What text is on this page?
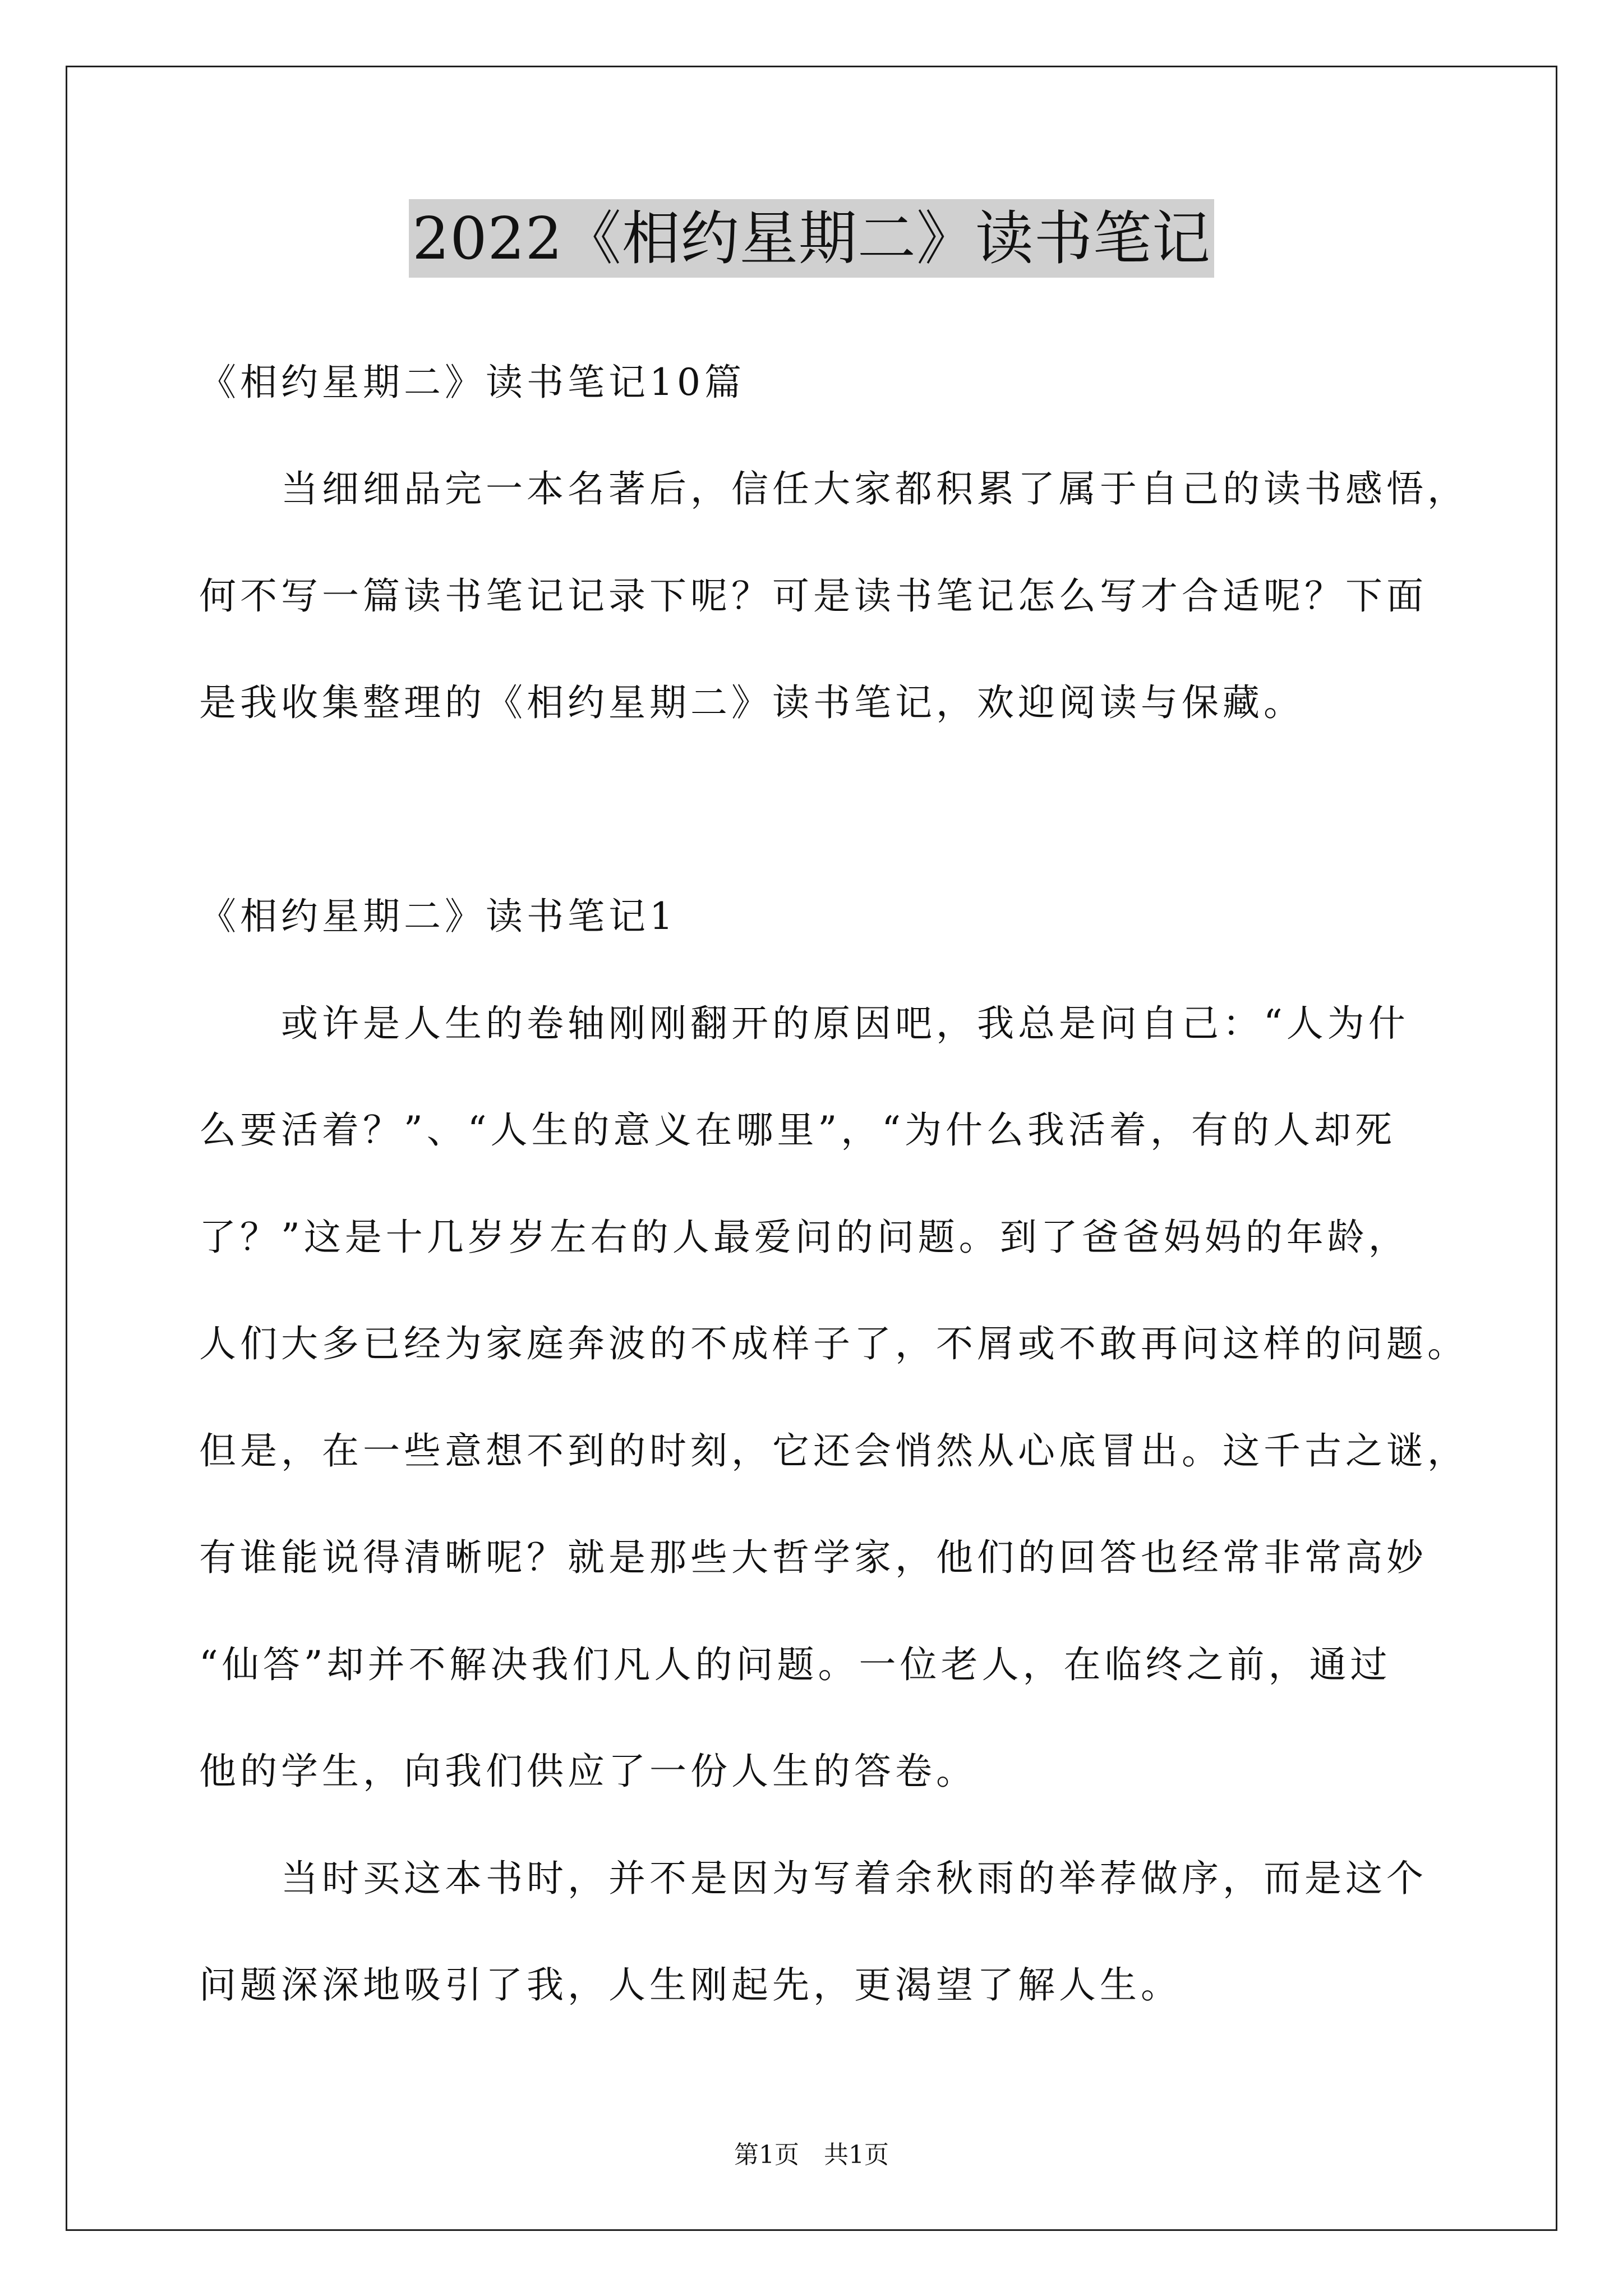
2022《相约星期二》读书笔记
《相约星期二》读书笔记10篇
　　当细细品完一本名著后，信任大家都积累了属于自己的读书感悟，
何不写一篇读书笔记记录下呢？可是读书笔记怎么写才合适呢？下面
是我收集整理的《相约星期二》读书笔记，欢迎阅读与保藏。
《相约星期二》读书笔记1
　　或许是人生的卷轴刚刚翻开的原因吧，我总是问自己：“人为什
么要活着？”、“人生的意义在哪里”，“为什么我活着，有的人却死
了？”这是十几岁岁左右的人最爱问的问题。到了爸爸妈妈的年龄，
人们大多已经为家庭奔波的不成样子了，不屑或不敢再问这样的问题。
但是，在一些意想不到的时刻，它还会悄然从心底冒出。这千古之谜，
有谁能说得清晰呢？就是那些大哲学家，他们的回答也经常非常高妙
“仙答”却并不解决我们凡人的问题。一位老人，在临终之前，通过
他的学生，向我们供应了一份人生的答卷。
　　当时买这本书时，并不是因为写着余秋雨的举荐做序，而是这个
问题深深地吸引了我，人生刚起先，更渴望了解人生。
第1页　共1页
